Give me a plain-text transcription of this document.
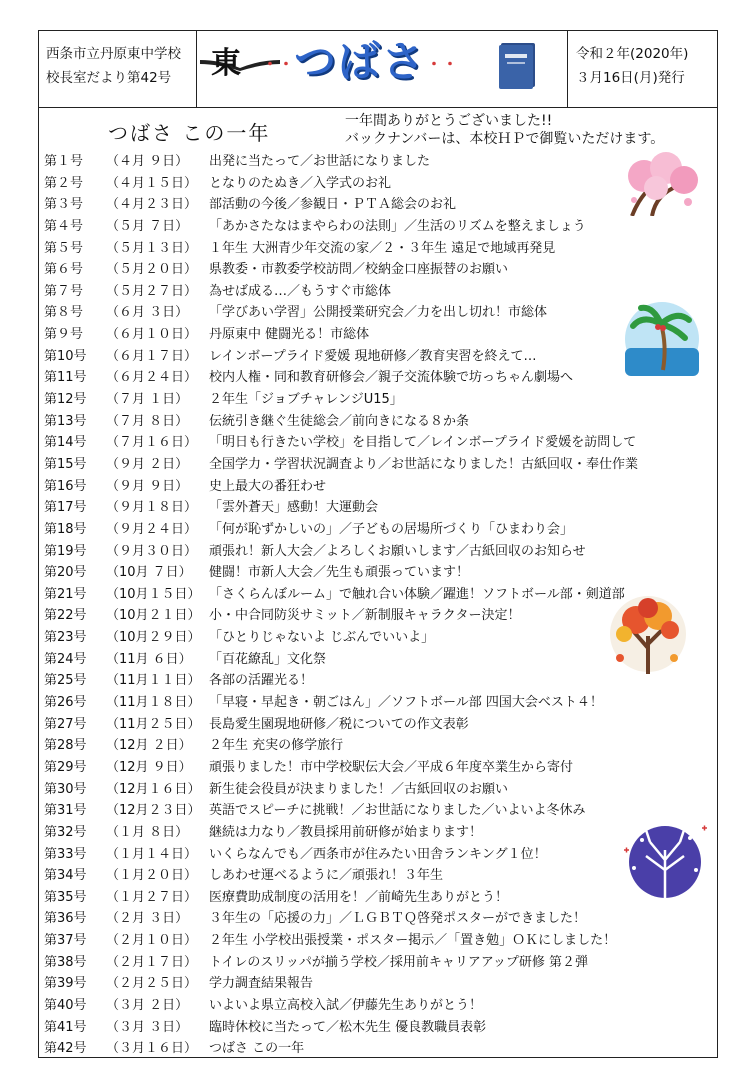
西条市立丹原東中学校
校長室だより第42号	東 ・・つばさ・・
令和２年(2020年)
３月16日(月)発行
つばさ この一年	一年間ありがとうございました!!
バックナンバーは、本校ＨＰで御覧いただけます。
第１号 （４月 ９日） 出発に当たって／お世話になりました
第２号 （４月１５日） となりのたぬき／入学式のお礼
第３号 （４月２３日） 部活動の今後／参観日・ＰＴＡ総会のお礼
第４号 （５月 ７日） 「あかさたなはまやらわの法則」／生活のリズムを整えましょう
第５号 （５月１３日） １年生 大洲青少年交流の家／２・３年生 遠足で地域再発見
第６号 （５月２０日） 県教委・市教委学校訪問／校納金口座振替のお願い
第７号 （５月２７日） 為せば成る…／もうすぐ市総体
第８号 （６月 ３日） 「学びあい学習」公開授業研究会／力を出し切れ！市総体
第９号 （６月１０日） 丹原東中 健闘光る！市総体
第10号 （６月１７日） レインボープライド愛媛 現地研修／教育実習を終えて…
第11号 （６月２４日） 校内人権・同和教育研修会／親子交流体験で坊っちゃん劇場へ
第12号 （７月 １日） ２年生「ジョブチャレンジU15」
第13号 （７月 ８日） 伝統引き継ぐ生徒総会／前向きになる８か条
第14号 （７月１６日） 「明日も行きたい学校」を目指して／レインボープライド愛媛を訪問して
第15号 （９月 ２日） 全国学力・学習状況調査より／お世話になりました！古紙回収・奉仕作業
第16号 （９月 ９日） 史上最大の番狂わせ
第17号 （９月１８日） 「雲外蒼天」感動！大運動会
第18号 （９月２４日） 「何が恥ずかしいの」／子どもの居場所づくり「ひまわり会」
第19号 （９月３０日） 頑張れ！新人大会／よろしくお願いします／古紙回収のお知らせ
第20号 （10月 ７日） 健闘！市新人大会／先生も頑張っています！
第21号 （10月１５日） 「さくらんぼルーム」で触れ合い体験／躍進！ソフトボール部・剣道部
第22号 （10月２１日） 小・中合同防災サミット／新制服キャラクター決定！
第23号 （10月２９日） 「ひとりじゃないよ じぶんでいいよ」
第24号 （11月 ６日） 「百花繚乱」文化祭
第25号 （11月１１日） 各部の活躍光る！
第26号 （11月１８日） 「早寝・早起き・朝ごはん」／ソフトボール部 四国大会ベスト４！
第27号 （11月２５日） 長島愛生園現地研修／税についての作文表彰
第28号 （12月 ２日） ２年生 充実の修学旅行
第29号 （12月 ９日） 頑張りました！市中学校駅伝大会／平成６年度卒業生から寄付
第30号 （12月１６日） 新生徒会役員が決まりました！／古紙回収のお願い
第31号 （12月２３日） 英語でスピーチに挑戦！／お世話になりました／いよいよ冬休み
第32号 （１月 ８日） 継続は力なり／教員採用前研修が始まります！
第33号 （１月１４日） いくらなんでも／西条市が住みたい田舎ランキング１位！
第34号 （１月２０日） しあわせ運べるように／頑張れ！３年生
第35号 （１月２７日） 医療費助成制度の活用を！／前崎先生ありがとう！
第36号 （２月 ３日） ３年生の「応援の力」／ＬＧＢＴＱ啓発ポスターができました！
第37号 （２月１０日） ２年生 小学校出張授業・ポスター掲示／「置き勉」ＯＫにしました！
第38号 （２月１７日） トイレのスリッパが揃う学校／採用前キャリアアップ研修 第２弾
第39号 （２月２５日） 学力調査結果報告
第40号 （３月 ２日） いよいよ県立高校入試／伊藤先生ありがとう！
第41号 （３月 ３日） 臨時休校に当たって／松木先生 優良教職員表彰
第42号 （３月１６日） つばさ この一年
